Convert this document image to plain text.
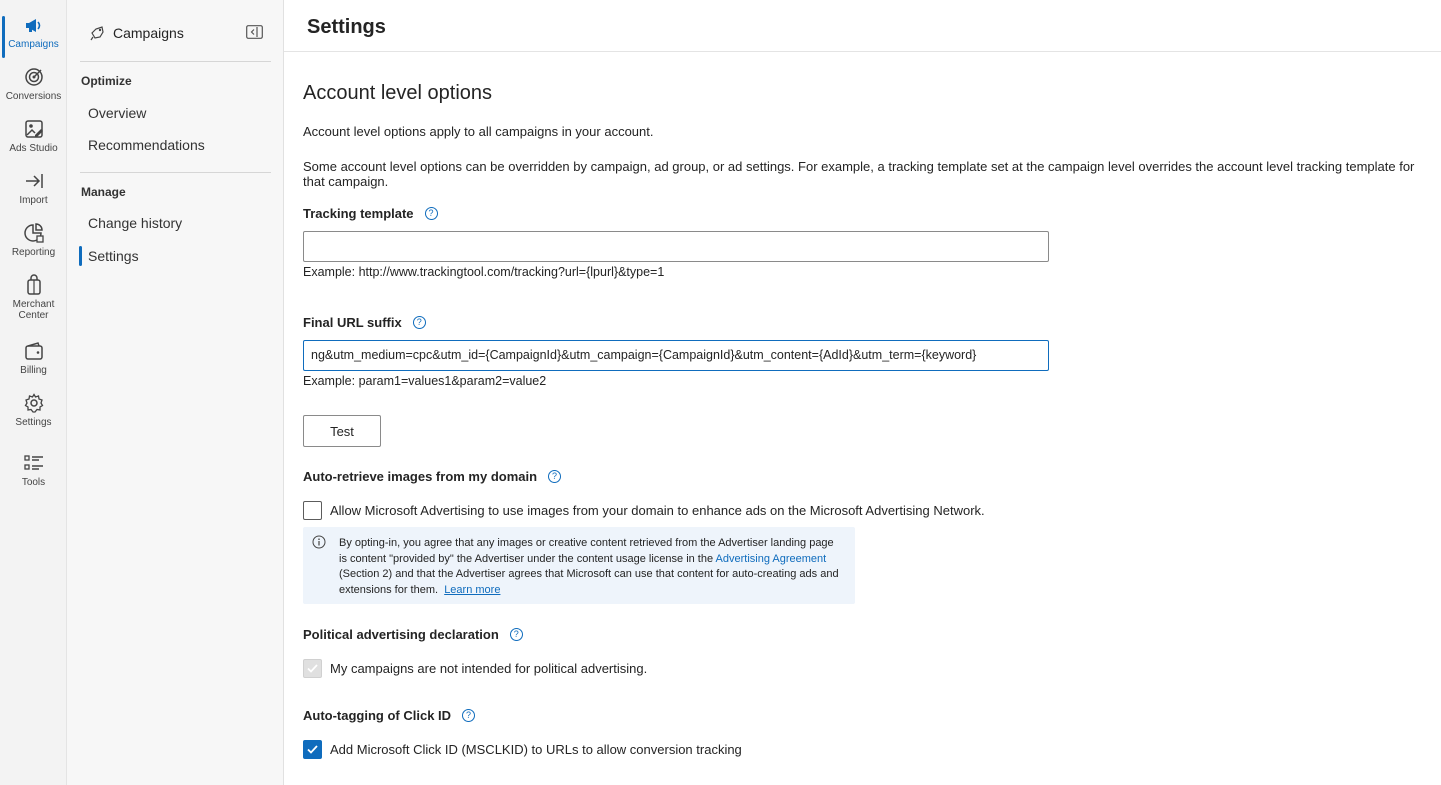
Campaigns
Conversions
Ads Studio
Import
Reporting
Merchant
Center
Billing
Settings
Tools
Campaigns
Optimize
Overview
Recommendations
Manage
Change history
Settings
Settings
Account level options
Account level options apply to all campaigns in your account.
Some account level options can be overridden by campaign, ad group, or ad settings. For example, a tracking template set at the campaign level overrides the account level tracking template for that campaign.
Tracking template	?
Example: http://www.trackingtool.com/tracking?url={lpurl}&type=1
Final URL suffix	?
ng&utm_medium=cpc&utm_id={CampaignId}&utm_campaign={CampaignId}&utm_content={AdId}&utm_term={keyword}
Example: param1=values1&param2=value2
Test
Auto-retrieve images from my domain	?
Allow Microsoft Advertising to use images from your domain to enhance ads on the Microsoft Advertising Network.
By opting-in, you agree that any images or creative content retrieved from the Advertiser landing page is content "provided by" the Advertiser under the content usage license in the Advertising Agreement (Section 2) and that the Advertiser agrees that Microsoft can use that content for auto-creating ads and extensions for them. Learn more
Political advertising declaration	?
My campaigns are not intended for political advertising.
Auto-tagging of Click ID	?
Add Microsoft Click ID (MSCLKID) to URLs to allow conversion tracking
